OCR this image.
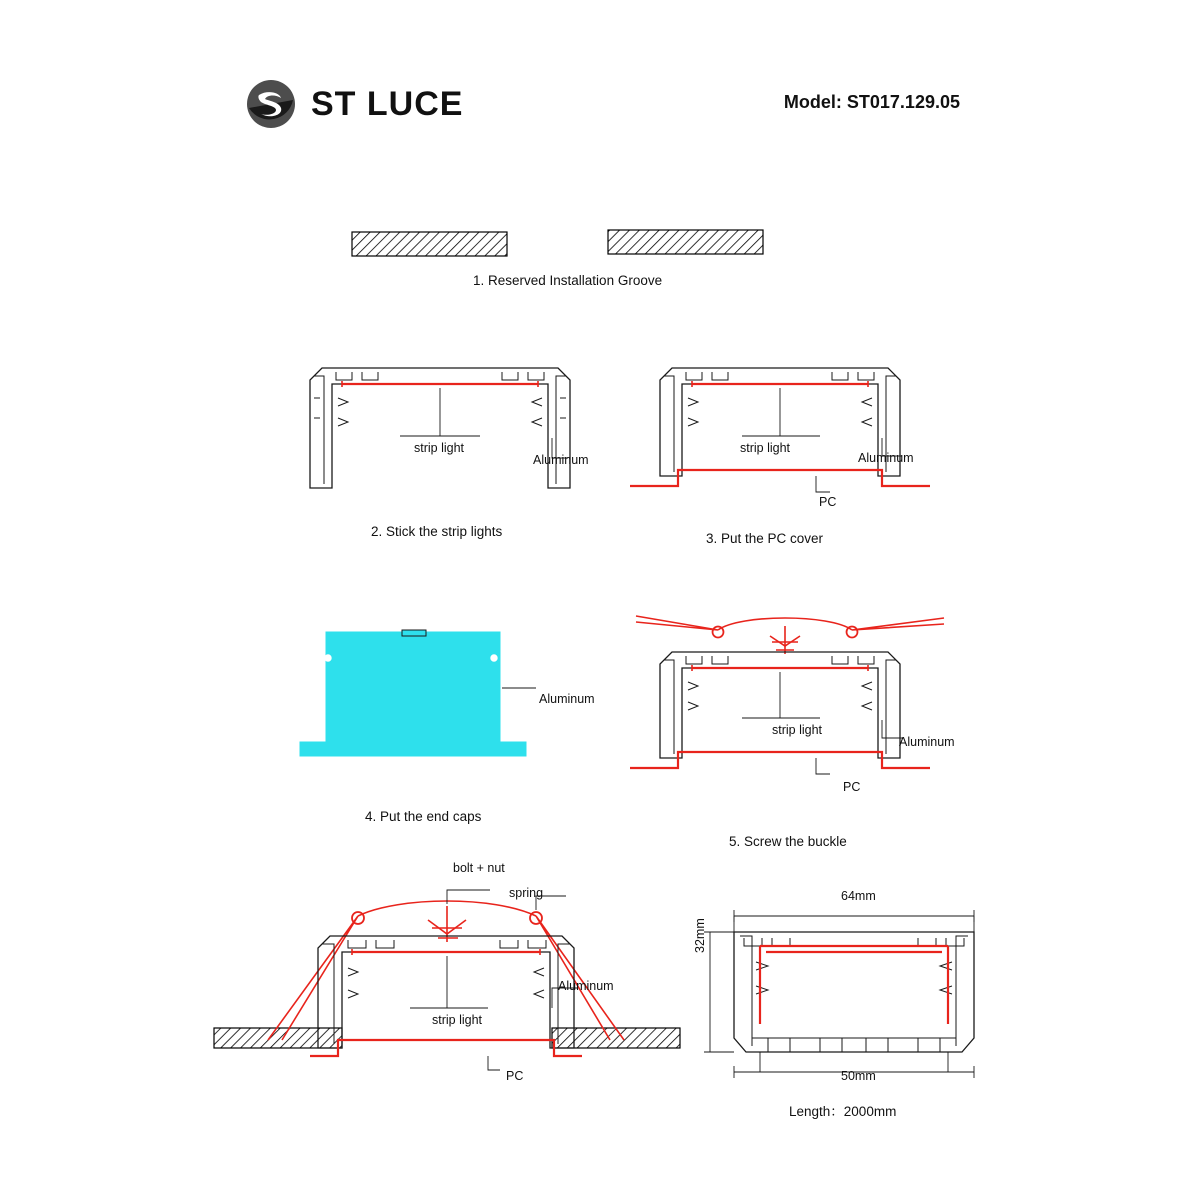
ST LUCE	Model: ST017.129.05
1. Reserved Installation Groove
strip light
Aluminum
2. Stick the strip lights
strip light
Aluminum
PC
3. Put the PC cover
Aluminum
4. Put the end caps
strip light
Aluminum
PC
5. Screw the buckle
bolt + nut
spring
strip light
Aluminum
PC
64mm
32mm
50mm
Length：2000mm
